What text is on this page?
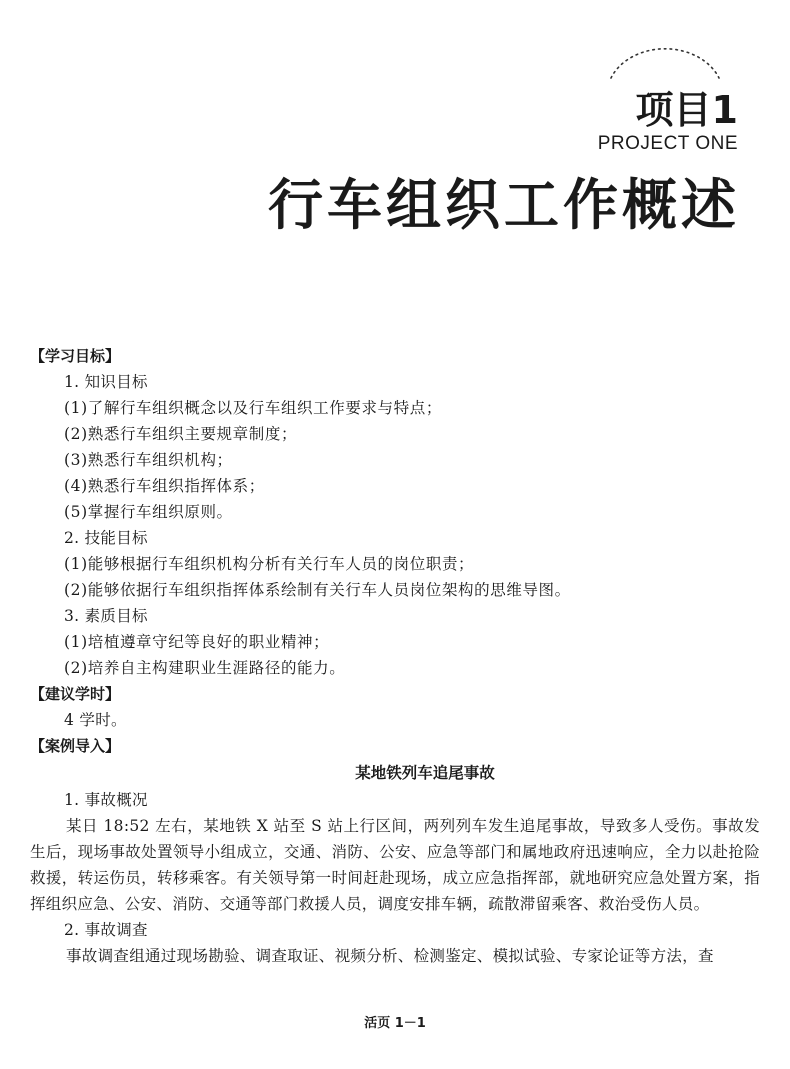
项目1
PROJECT ONE
行车组织工作概述
【学习目标】
1. 知识目标
(1)了解行车组织概念以及行车组织工作要求与特点；
(2)熟悉行车组织主要规章制度；
(3)熟悉行车组织机构；
(4)熟悉行车组织指挥体系；
(5)掌握行车组织原则。
2. 技能目标
(1)能够根据行车组织机构分析有关行车人员的岗位职责；
(2)能够依据行车组织指挥体系绘制有关行车人员岗位架构的思维导图。
3. 素质目标
(1)培植遵章守纪等良好的职业精神；
(2)培养自主构建职业生涯路径的能力。
【建议学时】
4 学时。
【案例导入】
某地铁列车追尾事故
1. 事故概况

某日 18:52 左右，某地铁 X 站至 S 站上行区间，两列列车发生追尾事故，导致多人受伤。事故发生后，现场事故处置领导小组成立，交通、消防、公安、应急等部门和属地政府迅速响应，全力以赴抢险救援，转运伤员，转移乘客。有关领导第一时间赶赴现场，成立应急指挥部，就地研究应急处置方案，指挥组织应急、公安、消防、交通等部门救援人员，调度安排车辆，疏散滞留乘客、救治受伤人员。

2. 事故调查

事故调查组通过现场勘验、调查取证、视频分析、检测鉴定、模拟试验、专家论证等方法，查

活页 1－1
